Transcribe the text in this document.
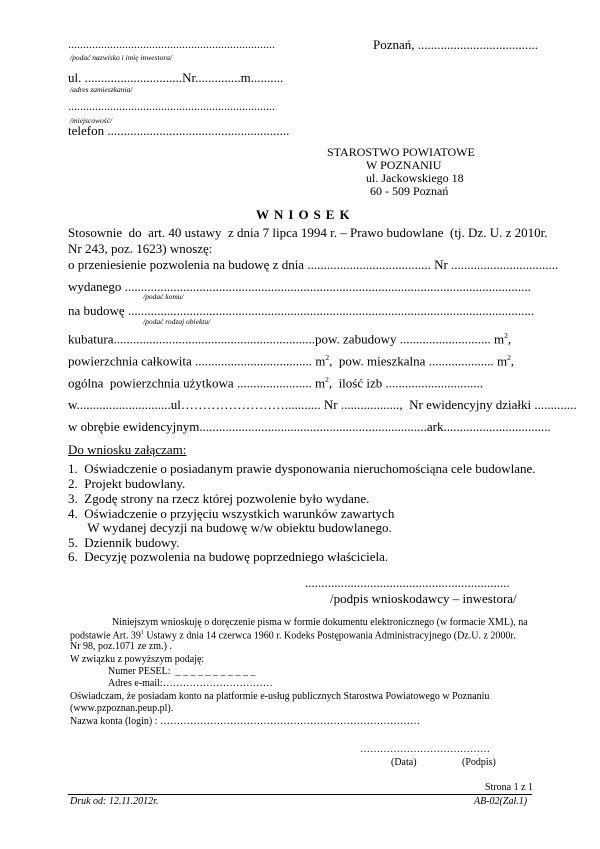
.....................................................................
/podać nazwisko i imię inwestora/
ul. ..............................Nr..............m..........
/adres zamieszkania/
.....................................................................
/miejscowość/
telefon ........................................................
Poznań, .....................................
STAROSTWO POWIATOWE
W POZNANIU
ul. Jackowskiego 18
60 - 509 Poznań
WNIOSEK
Stosownie  do  art. 40 ustawy  z dnia 7 lipca 1994 r. – Prawo budowlane  (tj. Dz. U. z 2010r.
Nr 243, poz. 1623) wnoszę:
o przeniesienie pozwolenia na budowę z dnia ...................................... Nr .................................
wydanego .............................................................................................................................
/podać komu/
na budowę .............................................................................................................................
/podać rodzaj obiektu/
kubatura..............................................................pow. zabudowy ............................ $m^2$,
powierzchnia całkowita .................................... $m^2$,  pow. mieszkalna .................... $m^2$,
ogólna  powierzchnia użytkowa ....................... $m^2$,  ilość izb ..............................
w.............................ul……………………........... Nr ..................,  Nr ewidencyjny działki .............
w obrębie ewidencyjnym......................................................................ark.................................
Do wniosku załączam:
1.  Oświadczenie o posiadanym prawie dysponowania nieruchomościąna cele budowlane.
2.  Projekt budowlany.
3.  Zgodę strony na rzecz której pozwolenie było wydane.
4.  Oświadczenie o przyjęciu wszystkich warunków zawartych
W wydanej decyzji na budowę w/w obiektu budowlanego.
5.  Dziennik budowy.
6.  Decyzję pozwolenia na budowę poprzedniego właściciela.
...............................................................
/podpis wnioskodawcy – inwestora/
Niniejszym wnioskuję o doręczenie pisma w formie dokumentu elektronicznego (w formacie XML), na
podstawie Art. $39^1$ Ustawy z dnia 14 czerwca 1960 r. Kodeks Postępowania Administracyjnego (Dz.U. z 2000r.
Nr 98, poz.1071 ze zm.) .
W związku z powyższym podaję:
Numer PESEL:  _ _ _ _ _ _ _ _ _ _ _
Adres e-mail:……………………………
Oświadczam, że posiadam konto na platformie e-usług publicznych Starostwa Powiatowego w Poznaniu
(www.pzpoznan.peup.pl).
Nazwa konta (login) : ……………………………………………………………………
…………………………………
(Data)	(Podpis)
Strona 1 z 1
Druk od: 12.11.2012r.	AB-02(Zał.1)
